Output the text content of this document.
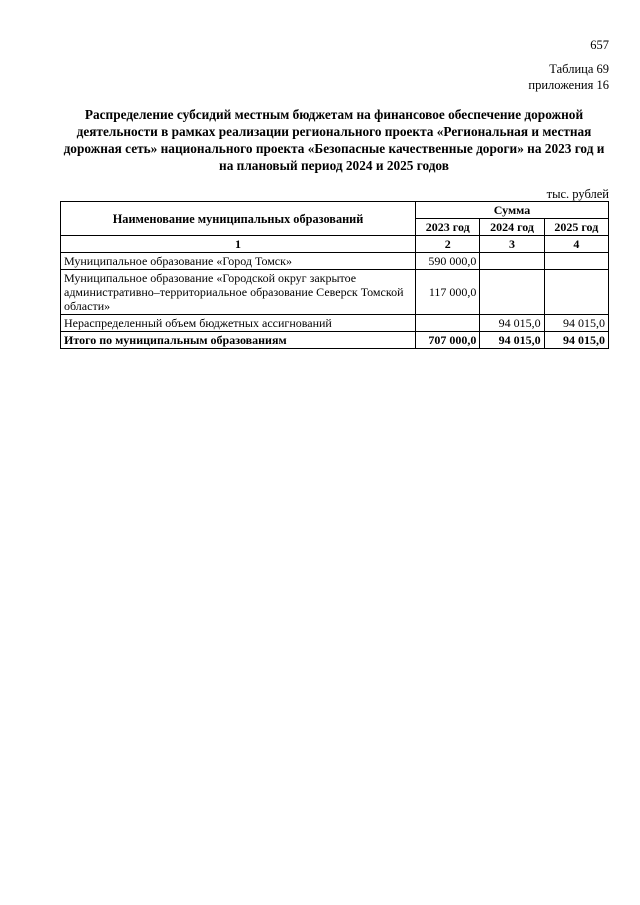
657
Таблица 69
приложения 16
Распределение субсидий местным бюджетам на финансовое обеспечение дорожной деятельности в рамках реализации регионального проекта «Региональная и местная дорожная сеть» национального проекта «Безопасные качественные дороги» на 2023 год и на плановый период 2024 и 2025 годов
тыс. рублей
Наименование муниципальных образований	Сумма		
	2023 год	2024 год	2025 год
1	2	3	4
Муниципальное образование «Город Томск»	590 000,0		
Муниципальное образование «Городской округ закрытое административно–территориальное образование Северск Томской области»	117 000,0		
Нераспределенный объем бюджетных ассигнований		94 015,0	94 015,0
Итого по муниципальным образованиям	707 000,0	94 015,0	94 015,0
